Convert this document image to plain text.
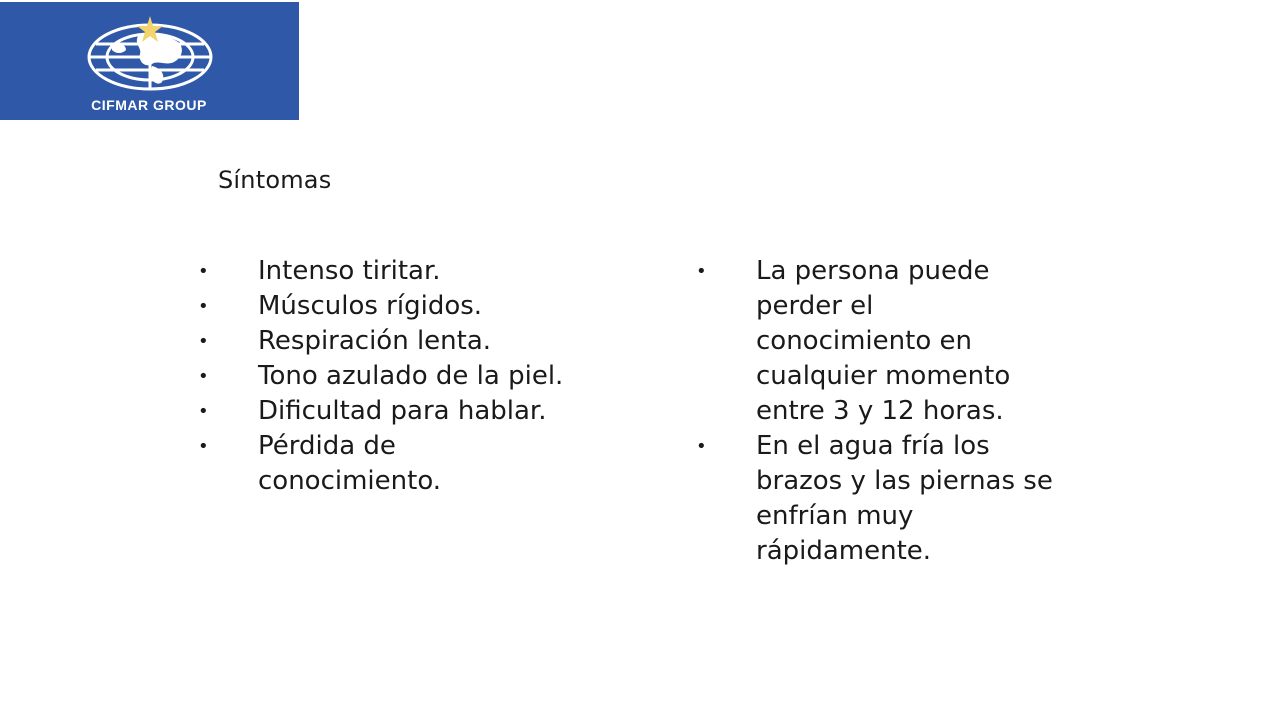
CIFMAR GROUP
Síntomas
• Intenso tiritar.
• Músculos rígidos.
• Respiración lenta.
• Tono azulado de la piel.
• Dificultad para hablar.
• Pérdida de conocimiento.
• La persona puede perder el conocimiento en cualquier momento entre 3 y 12 horas.
• En el agua fría los brazos y las piernas se enfrían muy rápidamente.
